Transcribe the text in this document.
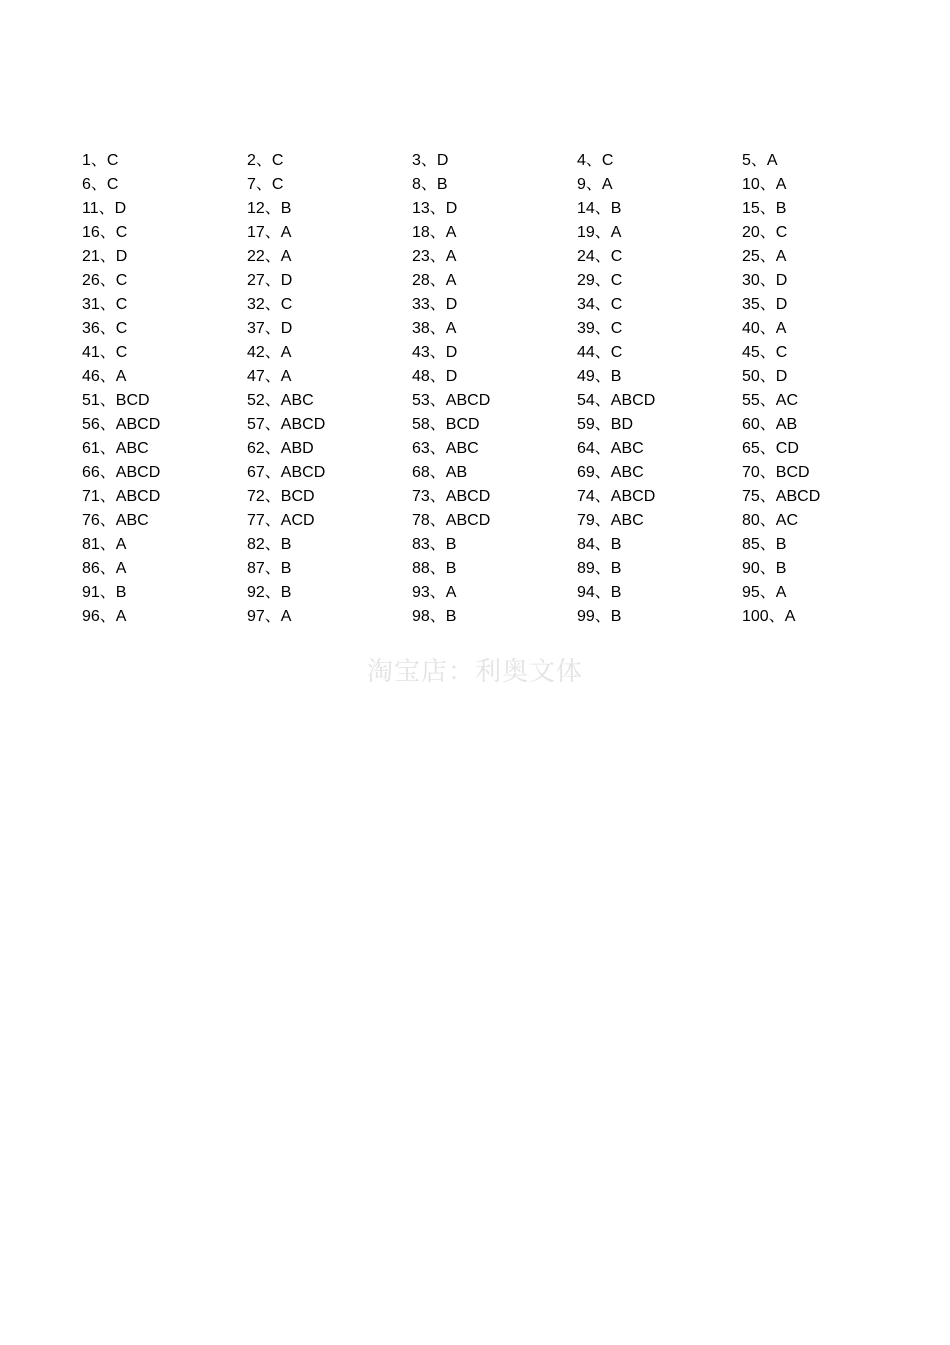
1、C	2、C	3、D	4、C	5、A
6、C	7、C	8、B	9、A	10、A
11、D	12、B	13、D	14、B	15、B
16、C	17、A	18、A	19、A	20、C
21、D	22、A	23、A	24、C	25、A
26、C	27、D	28、A	29、C	30、D
31、C	32、C	33、D	34、C	35、D
36、C	37、D	38、A	39、C	40、A
41、C	42、A	43、D	44、C	45、C
46、A	47、A	48、D	49、B	50、D
51、BCD	52、ABC	53、ABCD	54、ABCD	55、AC
56、ABCD	57、ABCD	58、BCD	59、BD	60、AB
61、ABC	62、ABD	63、ABC	64、ABC	65、CD
66、ABCD	67、ABCD	68、AB	69、ABC	70、BCD
71、ABCD	72、BCD	73、ABCD	74、ABCD	75、ABCD
76、ABC	77、ACD	78、ABCD	79、ABC	80、AC
81、A	82、B	83、B	84、B	85、B
86、A	87、B	88、B	89、B	90、B
91、B	92、B	93、A	94、B	95、A
96、A	97、A	98、B	99、B	100、A
淘宝店：利奥文体
